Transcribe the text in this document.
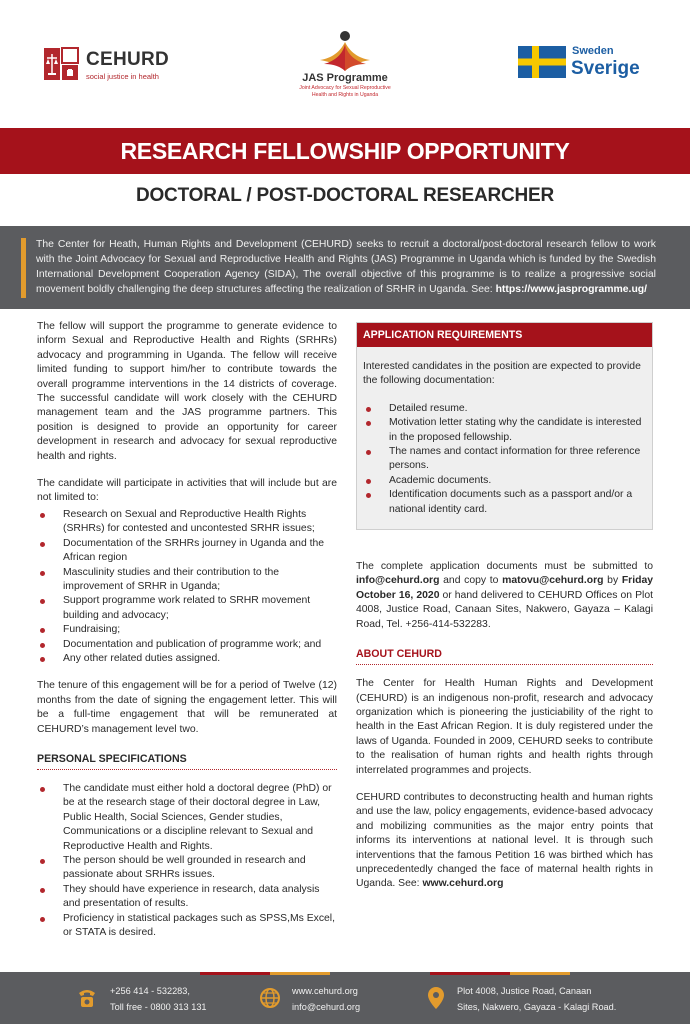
CEHURD
social justice in health	JAS Programme
Joint Advocacy for Sexual Reproductive
Health and Rights in Uganda
Sweden
Sverige
RESEARCH FELLOWSHIP OPPORTUNITY
DOCTORAL / POST-DOCTORAL RESEARCHER
The Center for Heath, Human Rights and Development (CEHURD) seeks to recruit a doctoral/post-doctoral research fellow to work with the Joint Advocacy for Sexual and Reproductive Health and Rights (JAS) Programme in Uganda which is funded by the Swedish International Development Cooperation Agency (SIDA), The overall objective of this programme is to realize a progressive social movement boldly challenging the deep structures affecting the realization of SRHR in Uganda. See: https://www.jasprogramme.ug/

The fellow will support the programme to generate evidence to inform Sexual and Reproductive Health and Rights (SRHRs) advocacy and programming in Uganda. The fellow will receive limited funding to support him/her to contribute towards the overall programme interventions in the 14 districts of coverage. The successful candidate will work closely with the CEHURD management team and the JAS programme partners. This position is designed to provide an opportunity for career development in research and advocacy for sexual reproductive health and rights.

The candidate will participate in activities that will include but are not limited to:

Research on Sexual and Reproductive Health Rights (SRHRs) for contested and uncontested SRHR issues;
Documentation of the SRHRs journey in Uganda and the African region
Masculinity studies and their contribution to the improvement of SRHR in Uganda;
Support programme work related to SRHR movement building and advocacy;
Fundraising;
Documentation and publication of programme work; and
Any other related duties assigned.

The tenure of this engagement will be for a period of Twelve (12) months from the date of signing the engagement letter. This will be a full-time engagement that will be remunerated at CEHURD’s management level two.

PERSONAL SPECIFICATIONS
The candidate must either hold a doctoral degree (PhD) or be at the research stage of their doctoral degree in Law, Public Health, Social Sciences, Gender studies, Communications or a discipline relevant to Sexual and Reproductive Health and Rights.
The person should be well grounded in research and passionate about SRHRs issues.
They should have experience in research, data analysis and presentation of results.
Proficiency in statistical packages such as SPSS,Ms Excel, or STATA is desired.
APPLICATION REQUIREMENTS

Interested candidates in the position are expected to provide the following documentation:

Detailed resume.
Motivation letter stating why the candidate is interested in the proposed fellowship.
The names and contact information for three reference persons.
Academic documents.
Identification documents such as a passport and/or a national identity card.

The complete application documents must be submitted to info@cehurd.org and copy to matovu@cehurd.org by Friday October 16, 2020 or hand delivered to CEHURD Offices on Plot 4008, Justice Road, Canaan Sites, Nakwero, Gayaza – Kalagi Road, Tel. +256-414-532283.

ABOUT CEHURD

The Center for Health Human Rights and Development (CEHURD) is an indigenous non-profit, research and advocacy organization which is pioneering the justiciability of the right to health in the East African Region. It is duly registered under the laws of Uganda. Founded in 2009, CEHURD seeks to contribute to the realisation of human rights and health rights through interrelated programmes and projects.

CEHURD contributes to deconstructing health and human rights and use the law, policy engagements, evidence-based advocacy and mobilizing communities as the major entry points that informs its interventions at national level. It is through such interventions that the famous Petition 16 was birthed which has unprecedentedly changed the face of maternal health rights in Uganda. See: www.cehurd.org

+256 414 - 532283,
Toll free - 0800 313 131
www.cehurd.org
info@cehurd.org
Plot 4008, Justice Road, Canaan
Sites, Nakwero, Gayaza - Kalagi Road.
